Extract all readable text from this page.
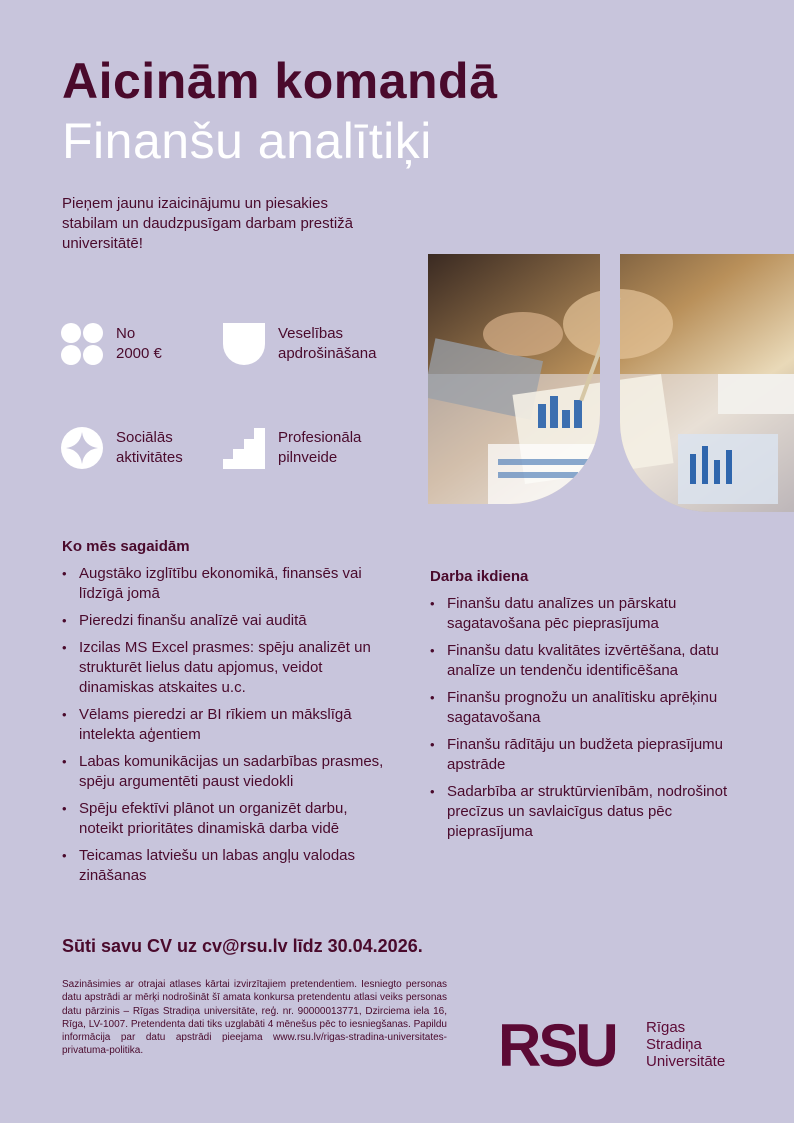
Aicinām komandā
Finanšu analītiķi
Pieņem jaunu izaicinājumu un piesakies stabilam un daudzpusīgam darbam prestižā universitātē!
No
2000 €
Veselības
apdrošināšana
Sociālās
aktivitātes
Profesionāla
pilnveide
Ko mēs sagaidām
• Augstāko izglītību ekonomikā, finansēs vai līdzīgā jomā
• Pieredzi finanšu analīzē vai auditā
• Izcilas MS Excel prasmes: spēju analizēt un strukturēt lielus datu apjomus, veidot dinamiskas atskaites u.c.
• Vēlams pieredzi ar BI rīkiem un mākslīgā intelekta aģentiem
• Labas komunikācijas un sadarbības prasmes, spēju argumentēti paust viedokli
• Spēju efektīvi plānot un organizēt darbu, noteikt prioritātes dinamiskā darba vidē
• Teicamas latviešu un labas angļu valodas zināšanas
Darba ikdiena
• Finanšu datu analīzes un pārskatu sagatavošana pēc pieprasījuma
• Finanšu datu kvalitātes izvērtēšana, datu analīze un tendenču identificēšana
• Finanšu prognožu un analītisku aprēķinu sagatavošana
• Finanšu rādītāju un budžeta pieprasījumu apstrāde
• Sadarbība ar struktūrvienībām, nodrošinot precīzus un savlaicīgus datus pēc pieprasījuma
Sūti savu CV uz cv@rsu.lv līdz 30.04.2026.
Sazināsimies ar otrajai atlases kārtai izvirzītajiem pretendentiem. Iesniegto personas datu apstrādi ar mērķi nodrošināt šī amata konkursa pretendentu atlasi veiks personas datu pārzinis – Rīgas Stradiņa universitāte, reģ. nr. 90000013771, Dzirciema iela 16, Rīga, LV-1007. Pretendenta dati tiks uzglabāti 4 mēnešus pēc to iesniegšanas. Papildu informācija par datu apstrādi pieejama www.rsu.lv/rigas-stradina-universitates-privatuma-politika.	RSU Rīgas
Stradiņa
Universitāte
